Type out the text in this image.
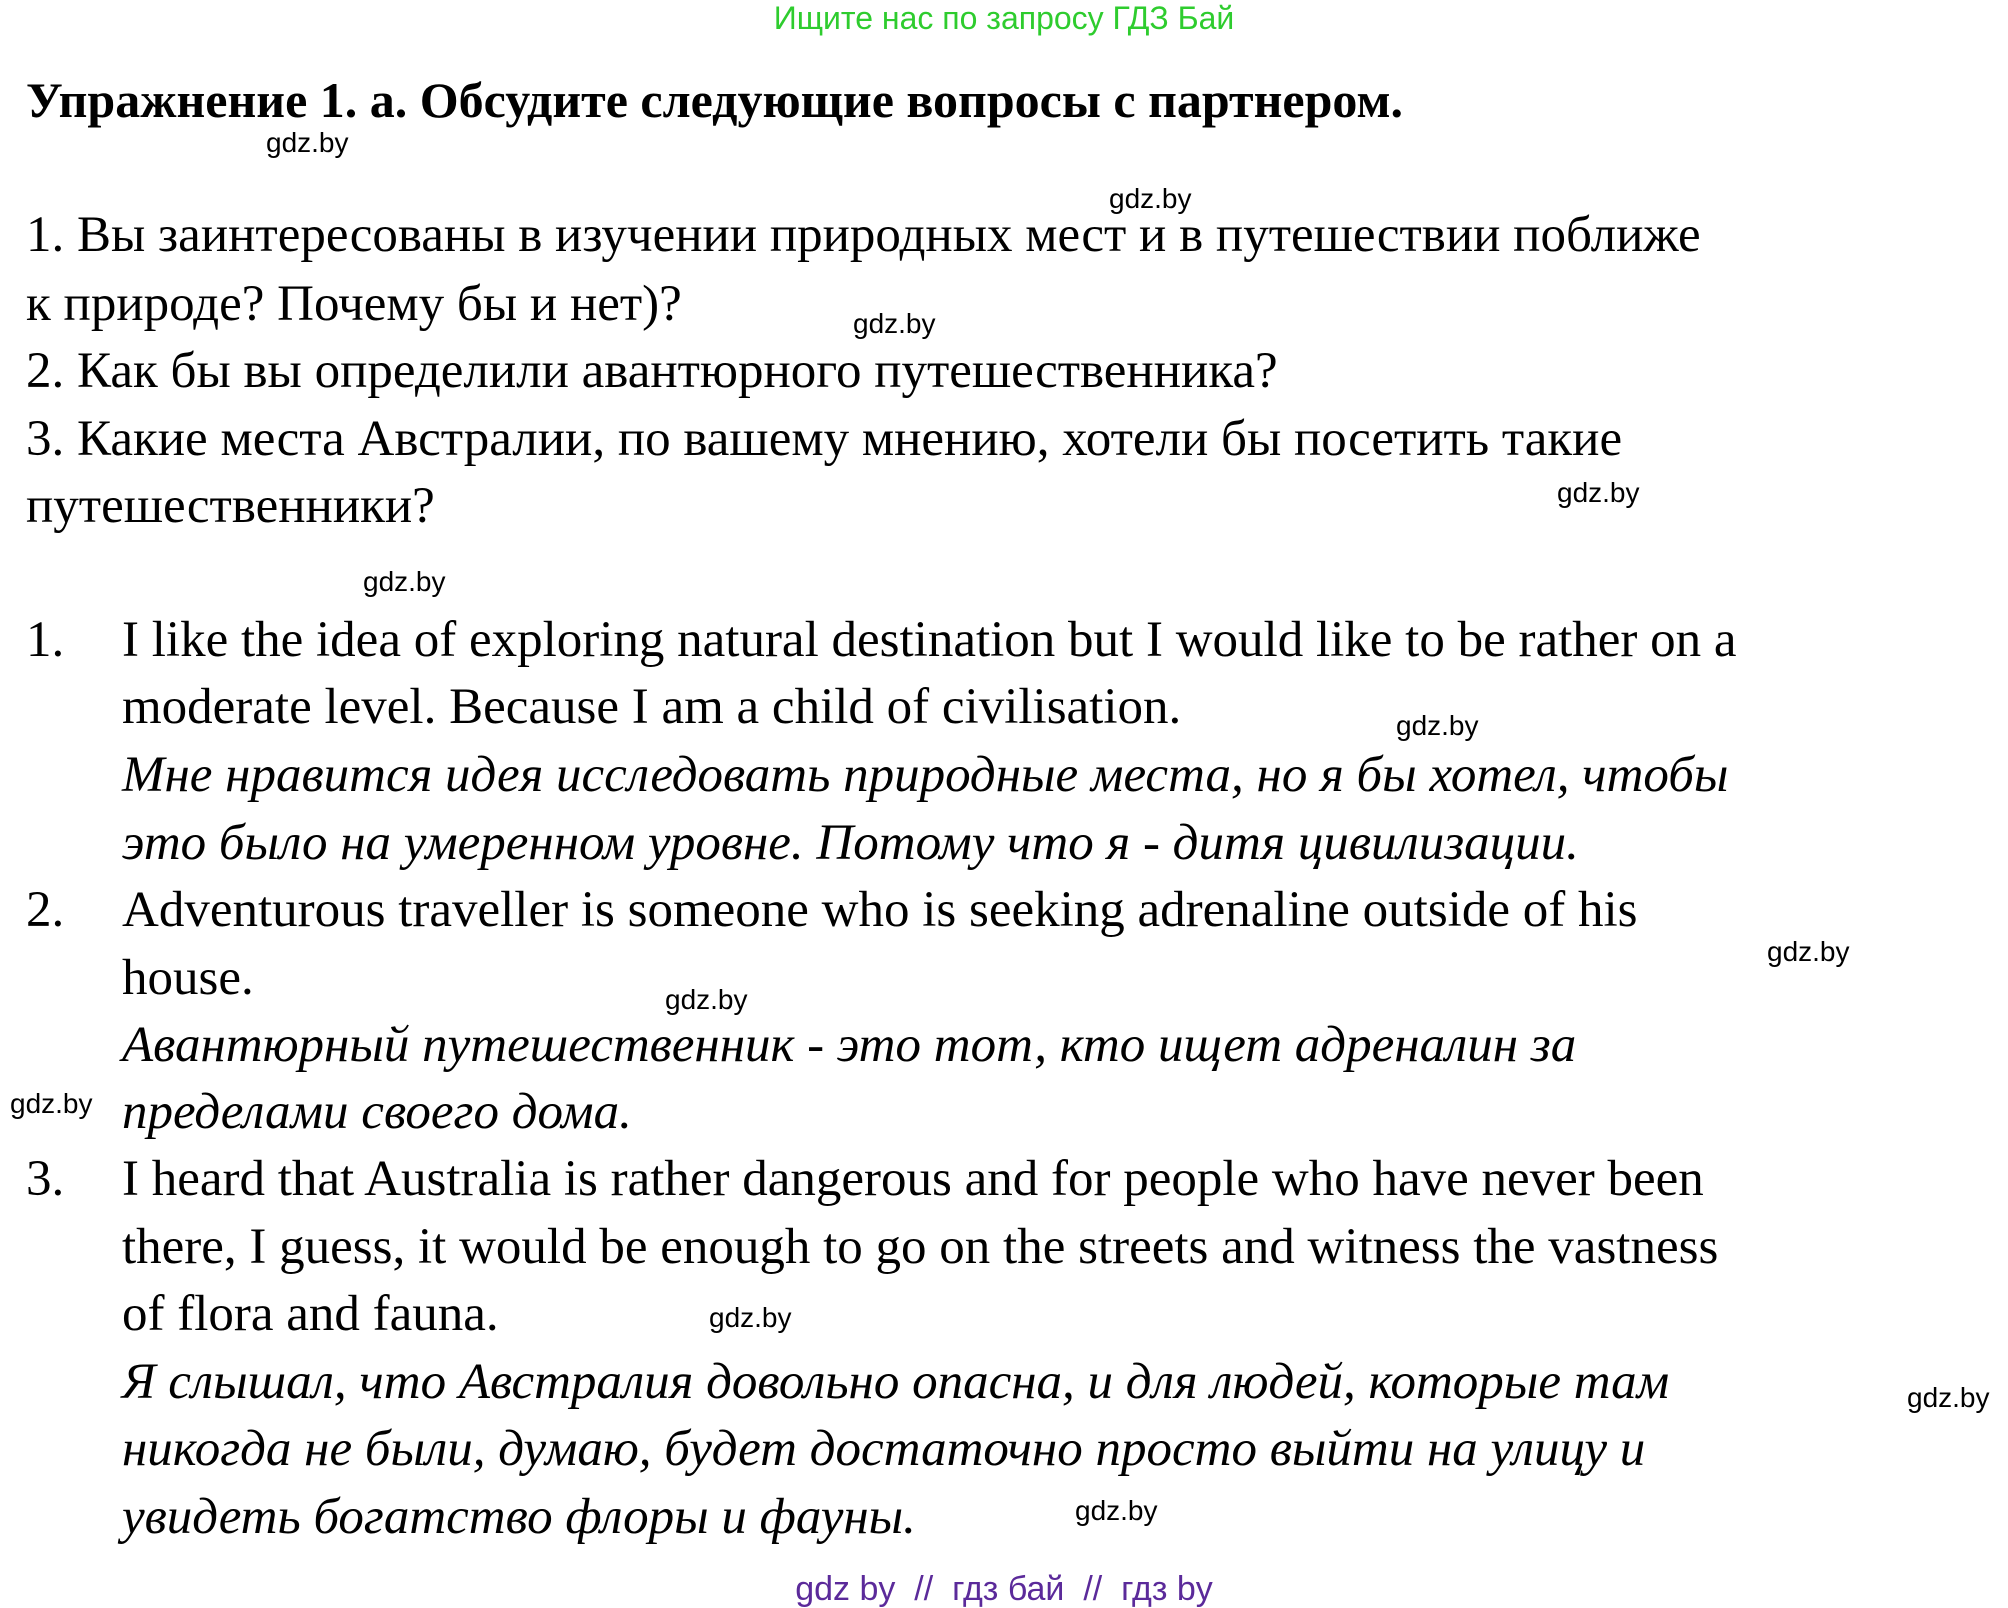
Ищите нас по запросу ГДЗ Бай
Упражнение 1. а. Обсудите следующие вопросы с партнером.
1. Вы заинтересованы в изучении природных мест и в путешествии поближе
к природе? Почему бы и нет)?
2. Как бы вы определили авантюрного путешественника?
3. Какие места Австралии, по вашему мнению, хотели бы посетить такие
путешественники?
1. I like the idea of exploring natural destination but I would like to be rather on a
moderate level. Because I am a child of civilisation.
Мне нравится идея исследовать природные места, но я бы хотел, чтобы
это было на умеренном уровне. Потому что я - дитя цивилизации.
2. Adventurous traveller is someone who is seeking adrenaline outside of his
house.
Авантюрный путешественник - это тот, кто ищет адреналин за
пределами своего дома.
3. I heard that Australia is rather dangerous and for people who have never been
there, I guess, it would be enough to go on the streets and witness the vastness
of flora and fauna.
Я слышал, что Австралия довольно опасна, и для людей, которые там
никогда не были, думаю, будет достаточно просто выйти на улицу и
увидеть богатство флоры и фауны.
gdz.by
gdz.by
gdz.by
gdz.by
gdz.by
gdz.by
gdz.by
gdz.by
gdz.by
gdz.by
gdz.by
gdz.by
gdz by  //  гдз бай  //  гдз by
